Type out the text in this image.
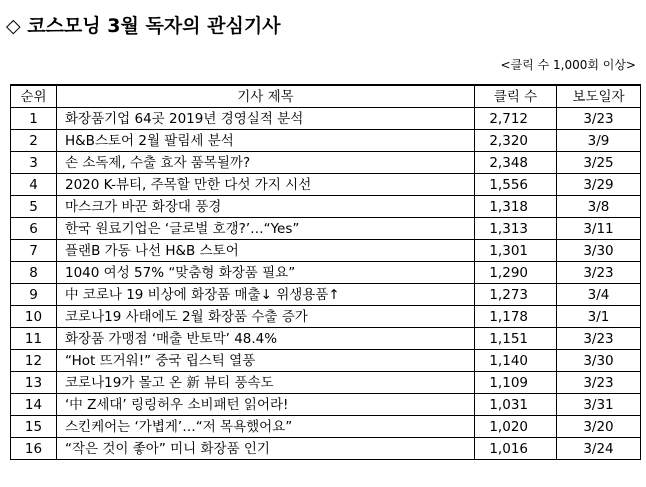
◇ 코스모닝 3월 독자의 관심기사
<클릭 수 1,000회 이상>
순위	기사 제목	클릭 수	보도일자
1	화장품기업 64곳 2019년 경영실적 분석	2,712	3/23
2	H&B스토어 2월 팔림세 분석	2,320	3/9
3	손 소독제, 수출 효자 품목될까?	2,348	3/25
4	2020 K-뷰티, 주목할 만한 다섯 가지 시선	1,556	3/29
5	마스크가 바꾼 화장대 풍경	1,318	3/8
6	한국 원료기업은 ‘글로벌 호갱?’…“Yes”	1,313	3/11
7	플랜B 가동 나선 H&B 스토어	1,301	3/30
8	1040 여성 57% “맞춤형 화장품 필요”	1,290	3/23
9	中 코로나 19 비상에 화장품 매출↓ 위생용품↑	1,273	3/4
10	코로나19 사태에도 2월 화장품 수출 증가	1,178	3/1
11	화장품 가맹점 ‘매출 반토막’ 48.4%	1,151	3/23
12	“Hot 뜨거워!” 중국 립스틱 열풍	1,140	3/30
13	코로나19가 몰고 온 新 뷰티 풍속도	1,109	3/23
14	‘中 Z세대’ 링링허우 소비패턴 읽어라!	1,031	3/31
15	스킨케어는 ‘가볍게’…“저 목욕했어요”	1,020	3/20
16	“작은 것이 좋아” 미니 화장품 인기	1,016	3/24
